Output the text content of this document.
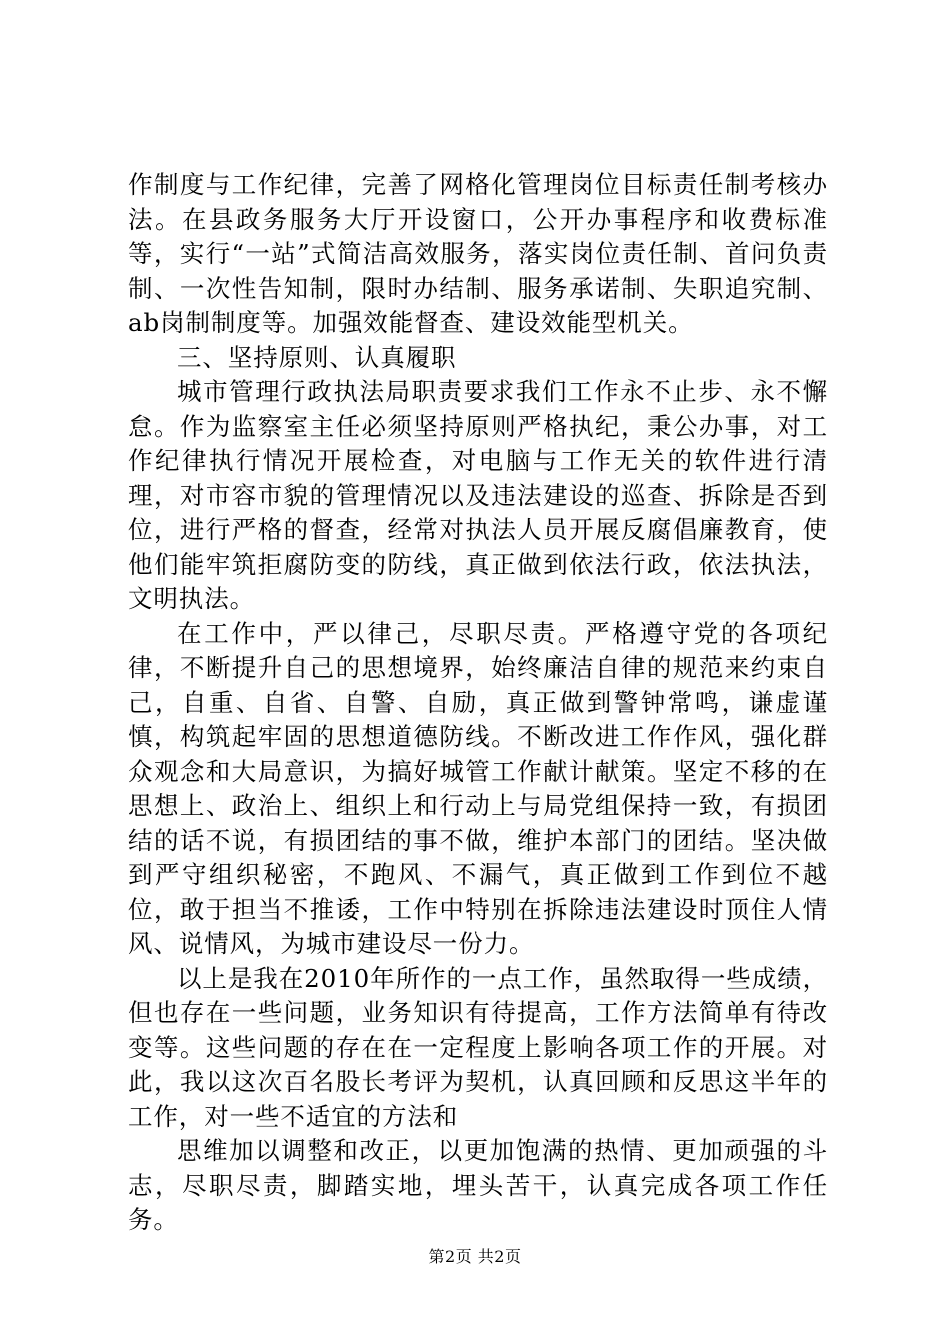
作制度与工作纪律，完善了网格化管理岗位目标责任制考核办法。在县政务服务大厅开设窗口，公开办事程序和收费标准等，实行“一站”式简洁高效服务，落实岗位责任制、首问负责制、一次性告知制，限时办结制、服务承诺制、失职追究制、ab岗制制度等。加强效能督查、建设效能型机关。

三、坚持原则、认真履职

城市管理行政执法局职责要求我们工作永不止步、永不懈怠。作为监察室主任必须坚持原则严格执纪，秉公办事，对工作纪律执行情况开展检查，对电脑与工作无关的软件进行清理，对市容市貌的管理情况以及违法建设的巡查、拆除是否到位，进行严格的督查，经常对执法人员开展反腐倡廉教育，使他们能牢筑拒腐防变的防线，真正做到依法行政，依法执法，文明执法。

在工作中，严以律己，尽职尽责。严格遵守党的各项纪律，不断提升自己的思想境界，始终廉洁自律的规范来约束自己，自重、自省、自警、自励，真正做到警钟常鸣，谦虚谨慎，构筑起牢固的思想道德防线。不断改进工作作风，强化群众观念和大局意识，为搞好城管工作献计献策。坚定不移的在思想上、政治上、组织上和行动上与局党组保持一致，有损团结的话不说，有损团结的事不做，维护本部门的团结。坚决做到严守组织秘密，不跑风、不漏气，真正做到工作到位不越位，敢于担当不推诿，工作中特别在拆除违法建设时顶住人情风、说情风，为城市建设尽一份力。

以上是我在2010年所作的一点工作，虽然取得一些成绩，但也存在一些问题，业务知识有待提高，工作方法简单有待改变等。这些问题的存在在一定程度上影响各项工作的开展。对此，我以这次百名股长考评为契机，认真回顾和反思这半年的工作，对一些不适宜的方法和

思维加以调整和改正，以更加饱满的热情、更加顽强的斗志，尽职尽责，脚踏实地，埋头苦干，认真完成各项工作任务。

第2页 共2页
